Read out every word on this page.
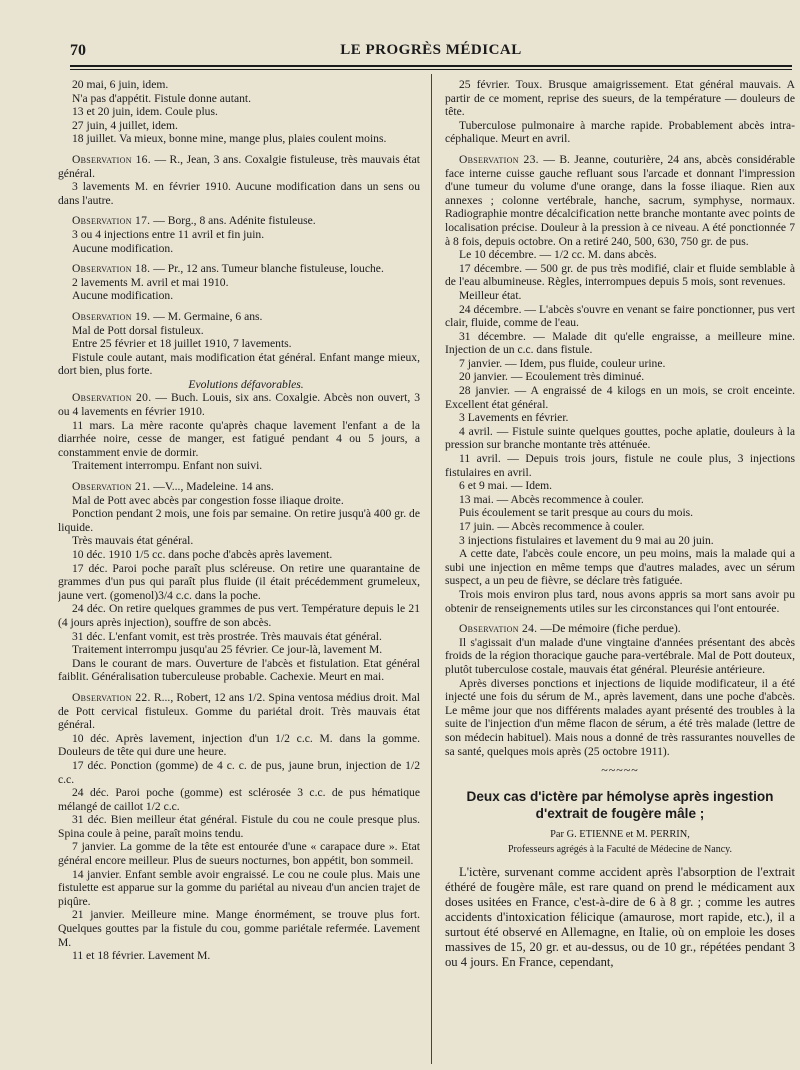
70	LE PROGRÈS MÉDICAL

20 mai, 6 juin, idem.

N'a pas d'appétit. Fistule donne autant.

13 et 20 juin, idem. Coule plus.

27 juin, 4 juillet, idem.

18 juillet. Va mieux, bonne mine, mange plus, plaies coulent moins.

Observation 16. — R., Jean, 3 ans. Coxalgie fistuleuse, très mauvais état général.

3 lavements M. en février 1910. Aucune modification dans un sens ou dans l'autre.

Observation 17. — Borg., 8 ans. Adénite fistuleuse.

3 ou 4 injections entre 11 avril et fin juin.

Aucune modification.

Observation 18. — Pr., 12 ans. Tumeur blanche fistuleuse, louche.

2 lavements M. avril et mai 1910.

Aucune modification.

Observation 19. — M. Germaine, 6 ans.

Mal de Pott dorsal fistuleux.

Entre 25 février et 18 juillet 1910, 7 lavements.

Fistule coule autant, mais modification état général. Enfant mange mieux, dort bien, plus forte.

Evolutions défavorables.

Observation 20. — Buch. Louis, six ans. Coxalgie. Abcès non ouvert, 3 ou 4 lavements en février 1910.

11 mars. La mère raconte qu'après chaque lavement l'enfant a de la diarrhée noire, cesse de manger, est fatigué pendant 4 ou 5 jours, a constamment envie de dormir.

Traitement interrompu. Enfant non suivi.

Observation 21. —V..., Madeleine. 14 ans.

Mal de Pott avec abcès par congestion fosse iliaque droite.

Ponction pendant 2 mois, une fois par semaine. On retire jusqu'à 400 gr. de liquide.

Très mauvais état général.

10 déc. 1910 1/5 cc. dans poche d'abcès après lavement.

17 déc. Paroi poche paraît plus scléreuse. On retire une quarantaine de grammes d'un pus qui paraît plus fluide (il était précédemment grumeleux, jaune vert. (gomenol)3/4 c.c. dans la poche.

24 déc. On retire quelques grammes de pus vert. Température depuis le 21 (4 jours après injection), souffre de son abcès.

31 déc. L'enfant vomit, est très prostrée. Très mauvais état général.

Traitement interrompu jusqu'au 25 février. Ce jour-là, lavement M.

Dans le courant de mars. Ouverture de l'abcès et fistulation. Etat général faiblit. Généralisation tuberculeuse probable. Cachexie. Meurt en mai.

Observation 22. R..., Robert, 12 ans 1/2. Spina ventosa médius droit. Mal de Pott cervical fistuleux. Gomme du pariétal droit. Très mauvais état général.

10 déc. Après lavement, injection d'un 1/2 c.c. M. dans la gomme. Douleurs de tête qui dure une heure.

17 déc. Ponction (gomme) de 4 c. c. de pus, jaune brun, injection de 1/2 c.c.

24 déc. Paroi poche (gomme) est sclérosée 3 c.c. de pus hématique mélangé de caillot 1/2 c.c.

31 déc. Bien meilleur état général. Fistule du cou ne coule presque plus. Spina coule à peine, paraît moins tendu.

7 janvier. La gomme de la tête est entourée d'une « carapace dure ». Etat général encore meilleur. Plus de sueurs nocturnes, bon appétit, bon sommeil.

14 janvier. Enfant semble avoir engraissé. Le cou ne coule plus. Mais une fistulette est apparue sur la gomme du pariétal au niveau d'un ancien trajet de piqûre.

21 janvier. Meilleure mine. Mange énormément, se trouve plus fort. Quelques gouttes par la fistule du cou, gomme pariétale refermée. Lavement M.

11 et 18 février. Lavement M.

25 février. Toux. Brusque amaigrissement. Etat général mauvais. A partir de ce moment, reprise des sueurs, de la température — douleurs de tête.

Tuberculose pulmonaire à marche rapide. Probablement abcès intra-céphalique. Meurt en avril.

Observation 23. — B. Jeanne, couturière, 24 ans, abcès considérable face interne cuisse gauche refluant sous l'arcade et donnant l'impression d'une tumeur du volume d'une orange, dans la fosse iliaque. Rien aux annexes ; colonne vertébrale, hanche, sacrum, symphyse, normaux. Radiographie montre décalcification nette branche montante avec points de localisation précise. Douleur à la pression à ce niveau. A été ponctionnée 7 à 8 fois, depuis octobre. On a retiré 240, 500, 630, 750 gr. de pus.

Le 10 décembre. — 1/2 cc. M. dans abcès.

17 décembre. — 500 gr. de pus très modifié, clair et fluide semblable à de l'eau albumineuse. Règles, interrompues depuis 5 mois, sont revenues.

Meilleur état.

24 décembre. — L'abcès s'ouvre en venant se faire ponctionner, pus vert clair, fluide, comme de l'eau.

31 décembre. — Malade dit qu'elle engraisse, a meilleure mine. Injection de un c.c. dans fistule.

7 janvier. — Idem, pus fluide, couleur urine.

20 janvier. — Ecoulement très diminué.

28 janvier. — A engraissé de 4 kilogs en un mois, se croit enceinte. Excellent état général.

3 Lavements en février.

4 avril. — Fistule suinte quelques gouttes, poche aplatie, douleurs à la pression sur branche montante très atténuée.

11 avril. — Depuis trois jours, fistule ne coule plus, 3 injections fistulaires en avril.

6 et 9 mai. — Idem.

13 mai. — Abcès recommence à couler.

Puis écoulement se tarit presque au cours du mois.

17 juin. — Abcès recommence à couler.

3 injections fistulaires et lavement du 9 mai au 20 juin.

A cette date, l'abcès coule encore, un peu moins, mais la malade qui a subi une injection en même temps que d'autres malades, avec un sérum suspect, a un peu de fièvre, se déclare très fatiguée.

Trois mois environ plus tard, nous avons appris sa mort sans avoir pu obtenir de renseignements utiles sur les circonstances qui l'ont entourée.

Observation 24. —De mémoire (fiche perdue).

Il s'agissait d'un malade d'une vingtaine d'années présentant des abcès froids de la région thoracique gauche para-vertébrale. Mal de Pott douteux, plutôt tuberculose costale, mauvais état général. Pleurésie antérieure.

Après diverses ponctions et injections de liquide modificateur, il a été injecté une fois du sérum de M., après lavement, dans une poche d'abcès. Le même jour que nos différents malades ayant présenté des troubles à la suite de l'injection d'un même flacon de sérum, a été très malade (lettre de son médecin habituel). Mais nous a donné de très rassurantes nouvelles de sa santé, quelques mois après (25 octobre 1911).

~~~~~
Deux cas d'ictère par hémolyse après ingestion d'extrait de fougère mâle ;
Par G. ETIENNE et M. PERRIN,
Professeurs agrégés à la Faculté de Médecine de Nancy.

L'ictère, survenant comme accident après l'absorption de l'extrait éthéré de fougère mâle, est rare quand on prend le médicament aux doses usitées en France, c'est-à-dire de 6 à 8 gr. ; comme les autres accidents d'intoxication félicique (amaurose, mort rapide, etc.), il a surtout été observé en Allemagne, en Italie, où on emploie les doses massives de 15, 20 gr. et au-dessus, ou de 10 gr., répétées pendant 3 ou 4 jours. En France, cependant,
